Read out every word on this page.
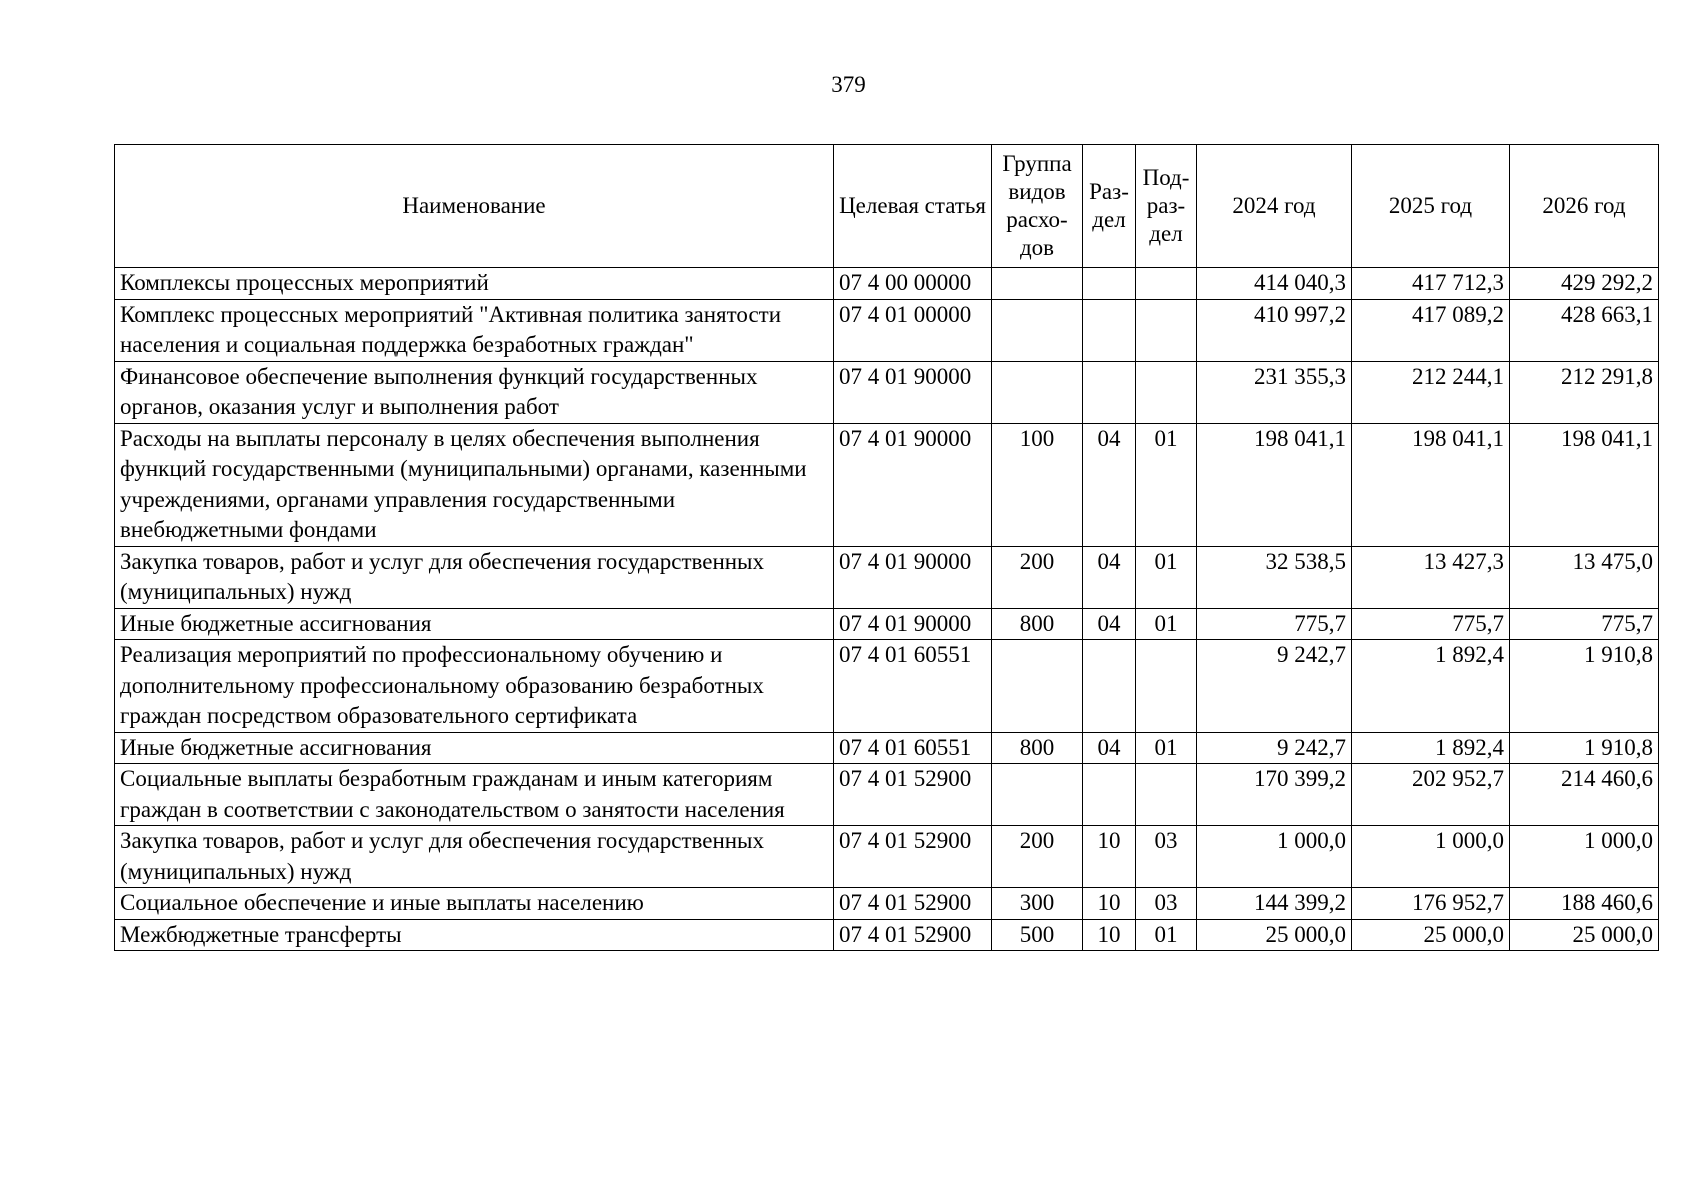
379
Наименование	Целевая статья	Группа видов расхо-дов	Раз-дел	Под-раз-дел	2024 год	2025 год	2026 год
Комплексы процессных мероприятий	07 4 00 00000				414 040,3	417 712,3	429 292,2
Комплекс процессных мероприятий "Активная политика занятости населения и социальная поддержка безработных граждан"	07 4 01 00000				410 997,2	417 089,2	428 663,1
Финансовое обеспечение выполнения функций государственных органов, оказания услуг и выполнения работ	07 4 01 90000				231 355,3	212 244,1	212 291,8
Расходы на выплаты персоналу в целях обеспечения выполнения функций государственными (муниципальными) органами, казенными учреждениями, органами управления государственными внебюджетными фондами	07 4 01 90000	100	04	01	198 041,1	198 041,1	198 041,1
Закупка товаров, работ и услуг для обеспечения государственных (муниципальных) нужд	07 4 01 90000	200	04	01	32 538,5	13 427,3	13 475,0
Иные бюджетные ассигнования	07 4 01 90000	800	04	01	775,7	775,7	775,7
Реализация мероприятий по профессиональному обучению и дополнительному профессиональному образованию безработных граждан посредством образовательного сертификата	07 4 01 60551				9 242,7	1 892,4	1 910,8
Иные бюджетные ассигнования	07 4 01 60551	800	04	01	9 242,7	1 892,4	1 910,8
Социальные выплаты безработным гражданам и иным категориям граждан в соответствии с законодательством о занятости населения	07 4 01 52900				170 399,2	202 952,7	214 460,6
Закупка товаров, работ и услуг для обеспечения государственных (муниципальных) нужд	07 4 01 52900	200	10	03	1 000,0	1 000,0	1 000,0
Социальное обеспечение и иные выплаты населению	07 4 01 52900	300	10	03	144 399,2	176 952,7	188 460,6
Межбюджетные трансферты	07 4 01 52900	500	10	01	25 000,0	25 000,0	25 000,0
